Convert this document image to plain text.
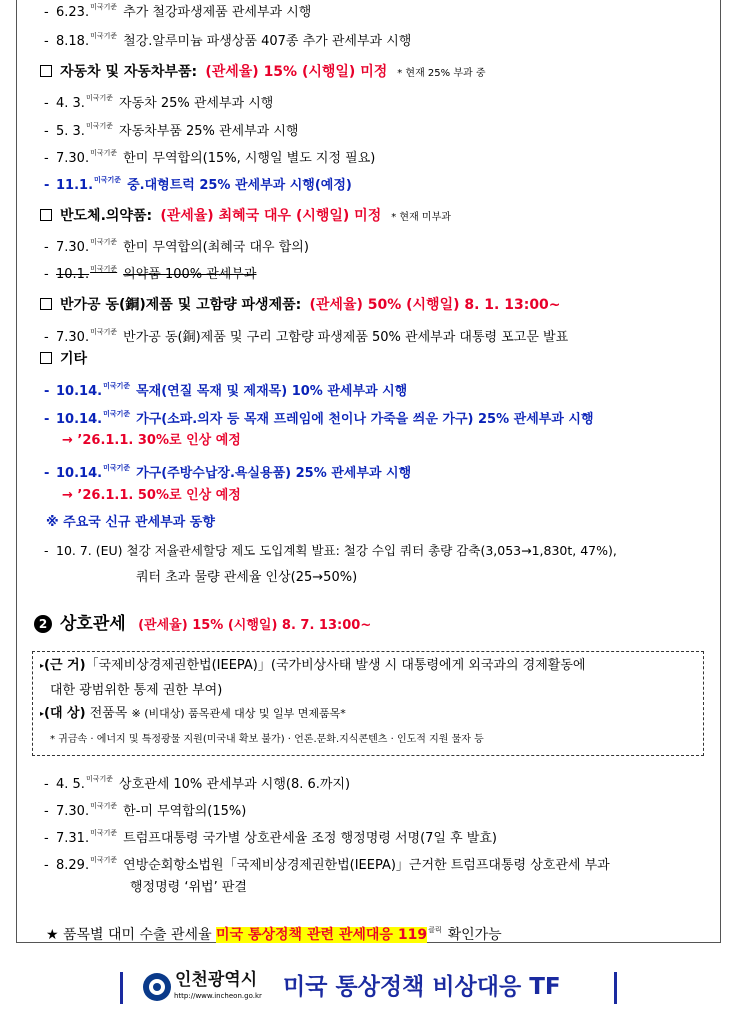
- 6.23.$^{미국기준}$ 추가 철강파생제품 관세부과 시행
- 8.18.$^{미국기준}$ 철강.알루미늄 파생상품 407종 추가 관세부과 시행
자동차 및 자동차부품: (관세율) 15% (시행일) 미정 * 현재 25% 부과 중
- 4. 3.$^{미국기준}$ 자동차 25% 관세부과 시행
- 5. 3.$^{미국기준}$ 자동차부품 25% 관세부과 시행
- 7.30.$^{미국기준}$ 한미 무역합의(15%, 시행일 별도 지정 필요)
- 11.1.$^{미국기준}$ 중.대형트럭 25% 관세부과 시행(예정)
반도체.의약품: (관세율) 최혜국 대우 (시행일) 미정 * 현재 미부과
- 7.30.$^{미국기준}$ 한미 무역합의(최혜국 대우 합의)
- 10.1.$^{미국기준}$ 의약품 100% 관세부과
반가공 동(銅)제품 및 고함량 파생제품: (관세율) 50% (시행일) 8. 1. 13:00~
- 7.30.$^{미국기준}$ 반가공 동(銅)제품 및 구리 고함량 파생제품 50% 관세부과 대통령 포고문 발표
기타
- 10.14.$^{미국기준}$ 목재(연질 목재 및 제재목) 10% 관세부과 시행
- 10.14.$^{미국기준}$ 가구(소파.의자 등 목재 프레임에 천이나 가죽을 씌운 가구) 25% 관세부과 시행
→ ’26.1.1. 30%로 인상 예정
- 10.14.$^{미국기준}$ 가구(주방수납장.욕실용품) 25% 관세부과 시행
→ ’26.1.1. 50%로 인상 예정
※ 주요국 신규 관세부과 동향
- 10. 7. (EU) 철강 저율관세할당 제도 도입계획 발표: 철강 수입 쿼터 총량 감축(3,053→1,830t, 47%),
쿼터 초과 물량 관세율 인상(25→50%)
2 상호관세 (관세율) 15% (시행일) 8. 7. 13:00~
▸(근 거)「국제비상경제권한법(IEEPA)」(국가비상사태 발생 시 대통령에게 외국과의 경제활동에
대한 광범위한 통제 권한 부여)
▸(대 상) 전품목 ※ (비대상) 품목관세 대상 및 일부 면제품목*
* 귀금속 · 에너지 및 특정광물 지원(미국내 확보 불가) · 언론.문화.지식콘텐츠 · 인도적 지원 물자 등
- 4. 5.$^{미국기준}$ 상호관세 10% 관세부과 시행(8. 6.까지)
- 7.30.$^{미국기준}$ 한-미 무역합의(15%)
- 7.31.$^{미국기준}$ 트럼프대통령 국가별 상호관세율 조정 행정명령 서명(7일 후 발효)
- 8.29.$^{미국기준}$ 연방순회항소법원「국제비상경제권한법(IEEPA)」근거한 트럼프대통령 상호관세 부과
행정명령 ‘위법’ 판결
★ 품목별 대미 수출 관세율 미국 통상정책 관련 관세대응 $119^{클릭}$ 확인가능
인천광역시
http://www.incheon.go.kr 미국 통상정책 비상대응 TF
